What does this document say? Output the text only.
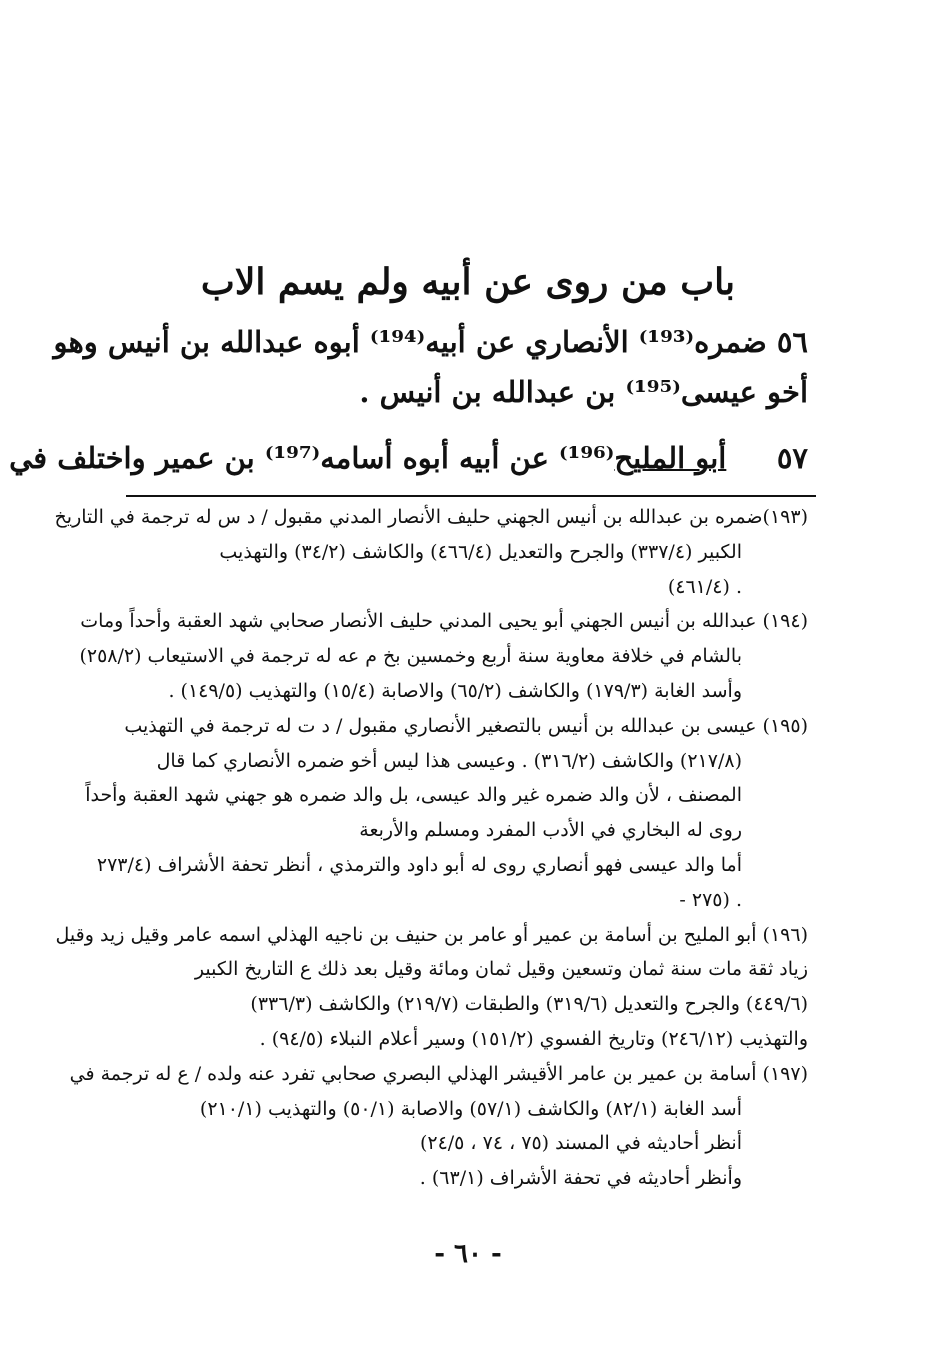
باب من روى عن أبيه ولم يسم الاب
٥٦ ضمره⁽¹⁹³⁾ الأنصاري عن أبيه⁽¹⁹⁴⁾ أبوه عبدالله بن أنيس وهو
أخو عيسى⁽¹⁹⁵⁾ بن عبدالله بن أنيس .
٥٧     أبو المليح⁽¹⁹⁶⁾ عن أبيه أبوه أسامه⁽¹⁹⁷⁾ بن عمير واختلف في
(١٩٣)ضمره بن عبدالله بن أنيس الجهني حليف الأنصار المدني مقبول / د س له ترجمة في التاريخ
الكبير (٣٣٧/٤) والجرح والتعديل (٤٦٦/٤) والكاشف (٣٤/٢) والتهذيب
(٤٦١/٤) .
(١٩٤) عبدالله بن أنيس الجهني أبو يحيى المدني حليف الأنصار صحابي شهد العقبة وأحداً ومات
بالشام في خلافة معاوية سنة أربع وخمسين بخ م عه له ترجمة في الاستيعاب (٢٥٨/٢)
وأسد الغابة (١٧٩/٣) والكاشف (٦٥/٢) والاصابة (١٥/٤) والتهذيب (١٤٩/٥) .
(١٩٥) عيسى بن عبدالله بن أنيس بالتصغير الأنصاري مقبول / د ت له ترجمة في التهذيب
(٢١٧/٨) والكاشف (٣١٦/٢) . وعيسى هذا ليس أخو ضمره الأنصاري كما قال
المصنف ، لأن والد ضمره غير والد عيسى، بل والد ضمره هو جهني شهد العقبة وأحداً
روى له البخاري في الأدب المفرد ومسلم والأربعة
أما والد عيسى فهو أنصاري روى له أبو داود والترمذي ، أنظر تحفة الأشراف (٢٧٣/٤
- ٢٧٥) .
(١٩٦) أبو المليح بن أسامة بن عمير أو عامر بن حنيف بن ناجيه الهذلي اسمه عامر وقيل زيد وقيل
زياد ثقة مات سنة ثمان وتسعين وقيل ثمان ومائة وقيل بعد ذلك ع التاريخ الكبير
(٤٤٩/٦) والجرح والتعديل (٣١٩/٦) والطبقات (٢١٩/٧) والكاشف (٣٣٦/٣)
والتهذيب (٢٤٦/١٢) وتاريخ الفسوي (١٥١/٢) وسير أعلام النبلاء (٩٤/٥) .
(١٩٧) أسامة بن عمير بن عامر الأقيشر الهذلي البصري صحابي تفرد عنه ولده / ع له ترجمة في
أسد الغابة (٨٢/١) والكاشف (٥٧/١) والاصابة (٥٠/١) والتهذيب (٢١٠/١)
أنظر أحاديثه في المسند (٧٥ ، ٧٤ ، ٢٤/٥)
وأنظر أحاديثه في تحفة الأشراف (٦٣/١) .
- ٦٠ -
